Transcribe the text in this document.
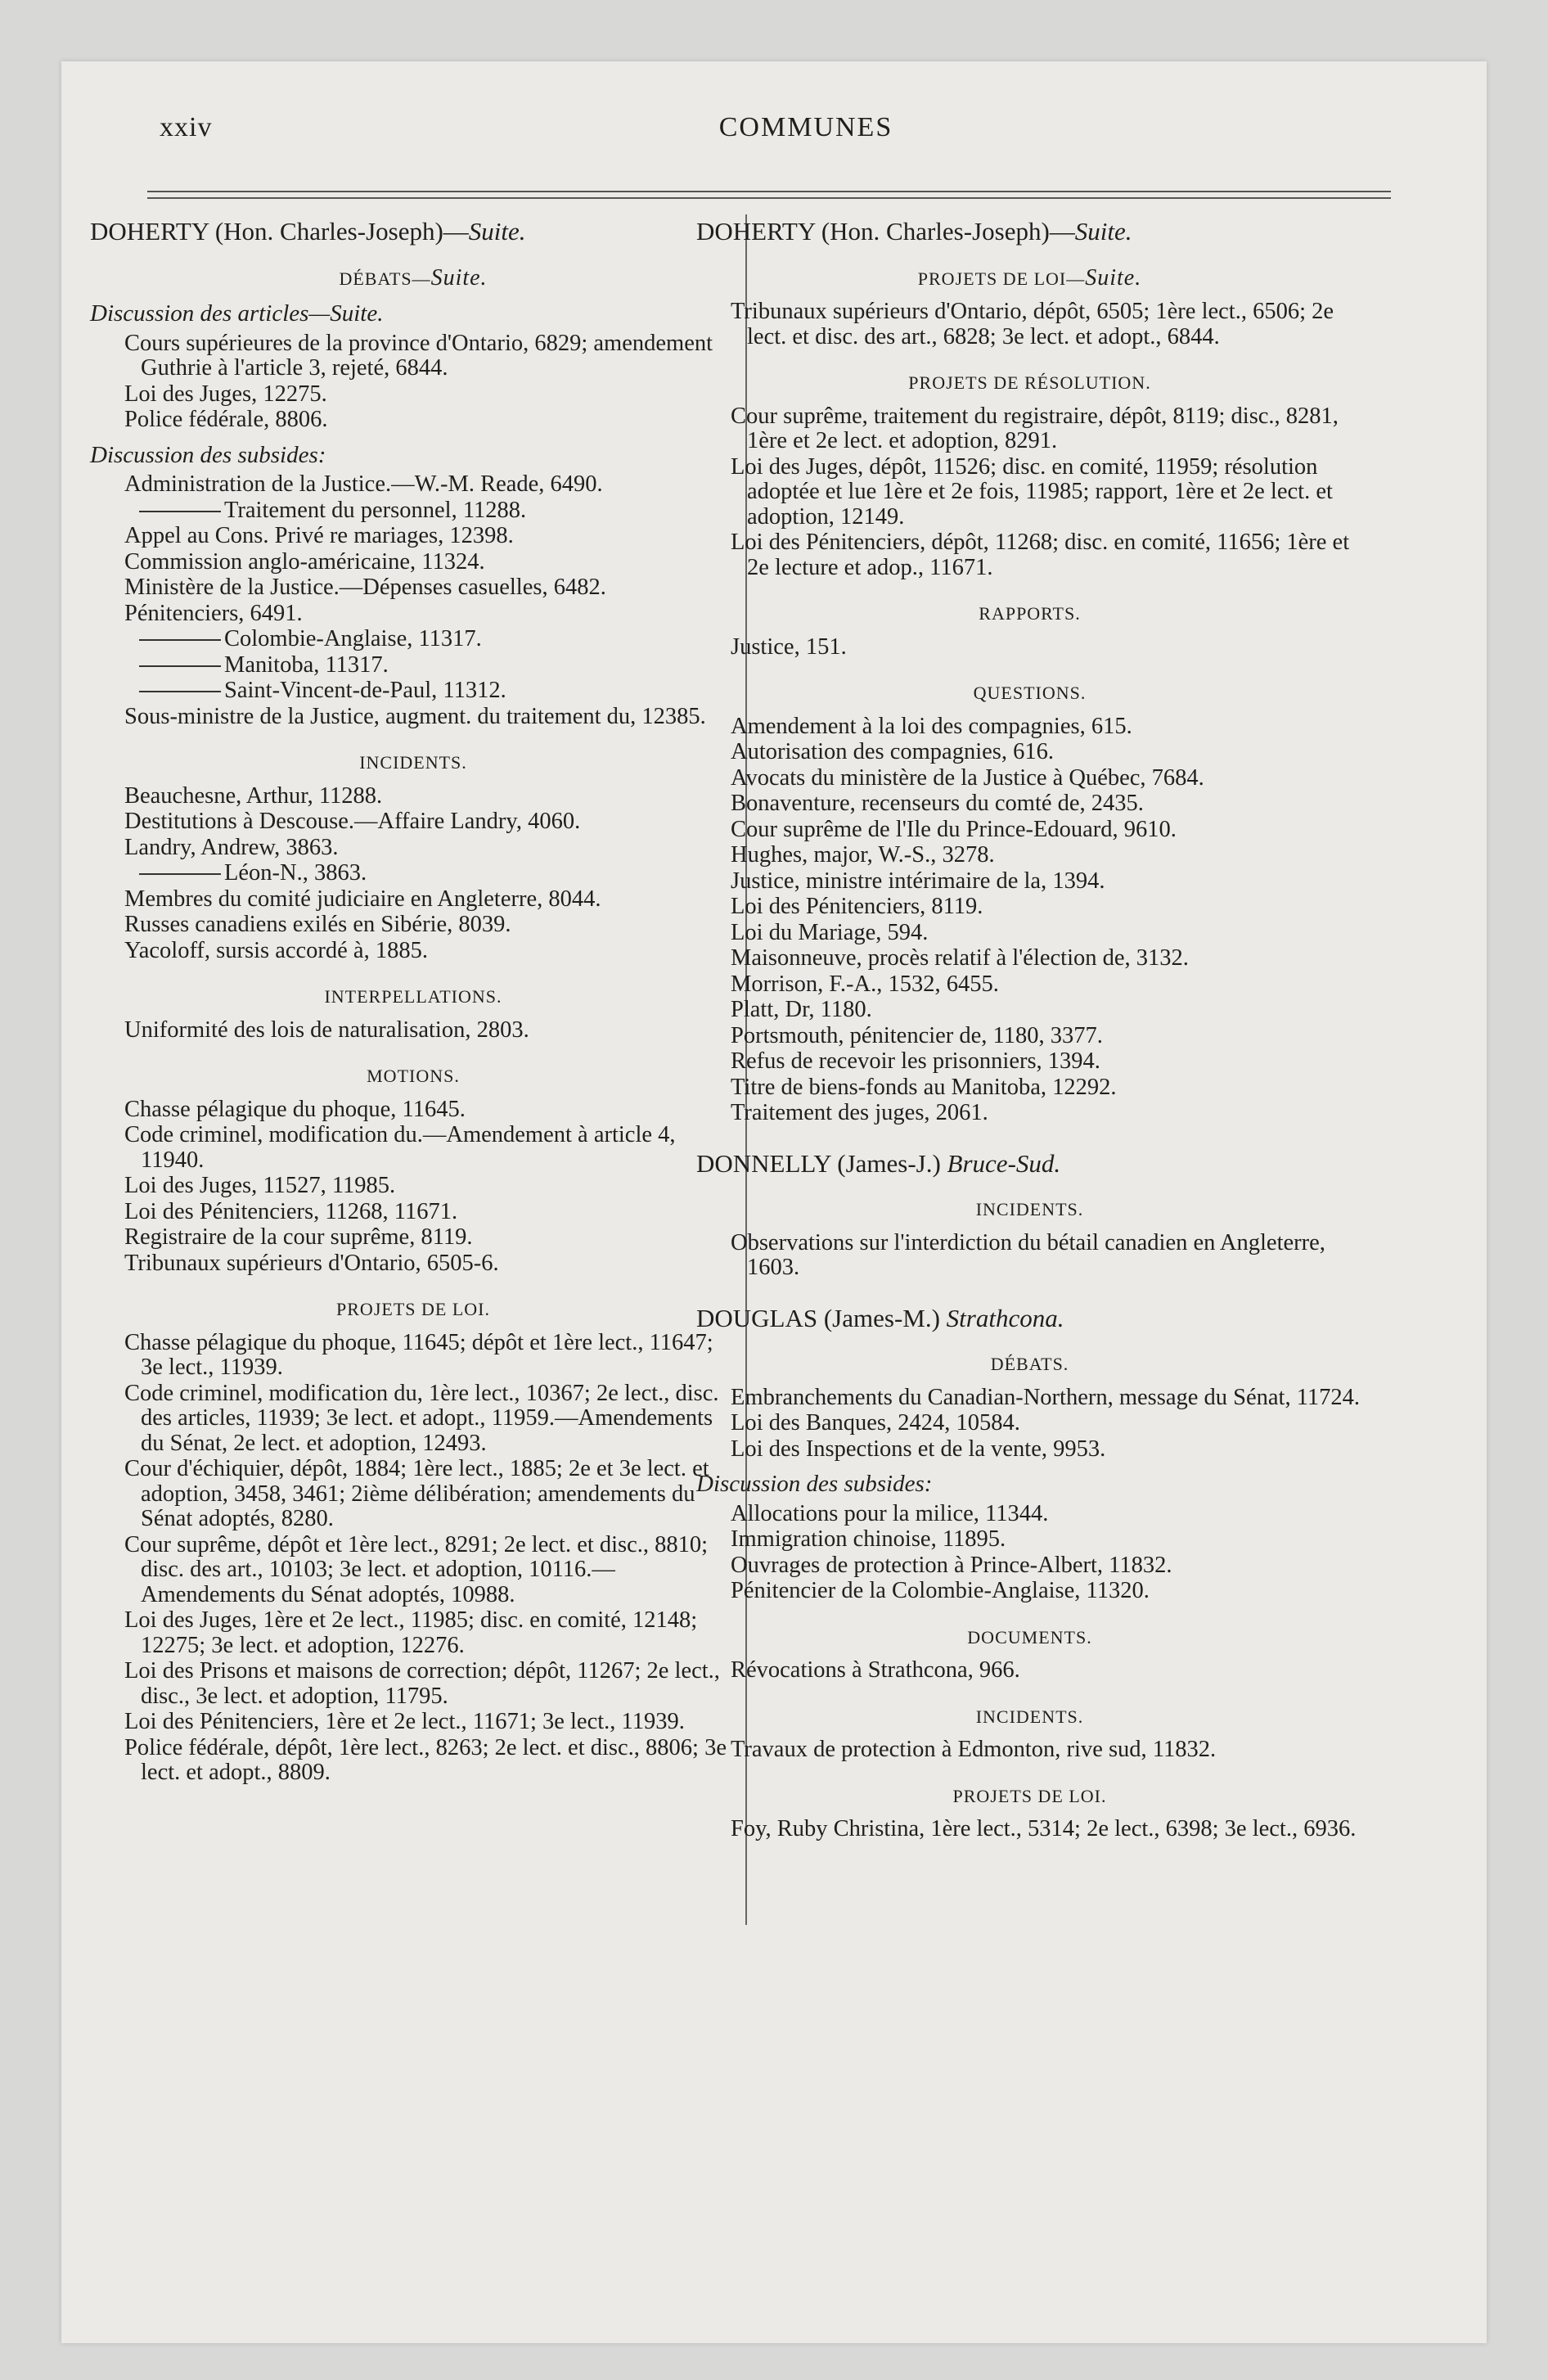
xxiv	COMMUNES

DOHERTY (Hon. Charles-Joseph)—Suite.

DÉBATS—Suite.

Discussion des articles—Suite.

Cours supérieures de la province d'Ontario, 6829; amendement Guthrie à l'article 3, rejeté, 6844.

Loi des Juges, 12275.

Police fédérale, 8806.

Discussion des subsides:

Administration de la Justice.—W.-M. Reade, 6490.

Traitement du personnel, 11288.

Appel au Cons. Privé re mariages, 12398.

Commission anglo-américaine, 11324.

Ministère de la Justice.—Dépenses casuelles, 6482.

Pénitenciers, 6491.

Colombie-Anglaise, 11317.

Manitoba, 11317.

Saint-Vincent-de-Paul, 11312.

Sous-ministre de la Justice, augment. du traitement du, 12385.

INCIDENTS.

Beauchesne, Arthur, 11288.

Destitutions à Descouse.—Affaire Landry, 4060.

Landry, Andrew, 3863.

Léon-N., 3863.

Membres du comité judiciaire en Angleterre, 8044.

Russes canadiens exilés en Sibérie, 8039.

Yacoloff, sursis accordé à, 1885.

INTERPELLATIONS.

Uniformité des lois de naturalisation, 2803.

MOTIONS.

Chasse pélagique du phoque, 11645.

Code criminel, modification du.—Amendement à article 4, 11940.

Loi des Juges, 11527, 11985.

Loi des Pénitenciers, 11268, 11671.

Registraire de la cour suprême, 8119.

Tribunaux supérieurs d'Ontario, 6505-6.

PROJETS DE LOI.

Chasse pélagique du phoque, 11645; dépôt et 1ère lect., 11647; 3e lect., 11939.

Code criminel, modification du, 1ère lect., 10367; 2e lect., disc. des articles, 11939; 3e lect. et adopt., 11959.—Amendements du Sénat, 2e lect. et adoption, 12493.

Cour d'échiquier, dépôt, 1884; 1ère lect., 1885; 2e et 3e lect. et adoption, 3458, 3461; 2ième délibération; amendements du Sénat adoptés, 8280.

Cour suprême, dépôt et 1ère lect., 8291; 2e lect. et disc., 8810; disc. des art., 10103; 3e lect. et adoption, 10116.—Amendements du Sénat adoptés, 10988.

Loi des Juges, 1ère et 2e lect., 11985; disc. en comité, 12148; 12275; 3e lect. et adoption, 12276.

Loi des Prisons et maisons de correction; dépôt, 11267; 2e lect., disc., 3e lect. et adoption, 11795.

Loi des Pénitenciers, 1ère et 2e lect., 11671; 3e lect., 11939.

Police fédérale, dépôt, 1ère lect., 8263; 2e lect. et disc., 8806; 3e lect. et adopt., 8809.

DOHERTY (Hon. Charles-Joseph)—Suite.

PROJETS DE LOI—Suite.

Tribunaux supérieurs d'Ontario, dépôt, 6505; 1ère lect., 6506; 2e lect. et disc. des art., 6828; 3e lect. et adopt., 6844.

PROJETS DE RÉSOLUTION.

Cour suprême, traitement du registraire, dépôt, 8119; disc., 8281, 1ère et 2e lect. et adoption, 8291.

Loi des Juges, dépôt, 11526; disc. en comité, 11959; résolution adoptée et lue 1ère et 2e fois, 11985; rapport, 1ère et 2e lect. et adoption, 12149.

Loi des Pénitenciers, dépôt, 11268; disc. en comité, 11656; 1ère et 2e lecture et adop., 11671.

RAPPORTS.

Justice, 151.

QUESTIONS.

Amendement à la loi des compagnies, 615.

Autorisation des compagnies, 616.

Avocats du ministère de la Justice à Québec, 7684.

Bonaventure, recenseurs du comté de, 2435.

Cour suprême de l'Ile du Prince-Edouard, 9610.

Hughes, major, W.-S., 3278.

Justice, ministre intérimaire de la, 1394.

Loi des Pénitenciers, 8119.

Loi du Mariage, 594.

Maisonneuve, procès relatif à l'élection de, 3132.

Morrison, F.-A., 1532, 6455.

Platt, Dr, 1180.

Portsmouth, pénitencier de, 1180, 3377.

Refus de recevoir les prisonniers, 1394.

Titre de biens-fonds au Manitoba, 12292.

Traitement des juges, 2061.

DONNELLY (James-J.) Bruce-Sud.

INCIDENTS.

Observations sur l'interdiction du bétail canadien en Angleterre, 1603.

DOUGLAS (James-M.) Strathcona.

DÉBATS.

Embranchements du Canadian-Northern, message du Sénat, 11724.

Loi des Banques, 2424, 10584.

Loi des Inspections et de la vente, 9953.

Discussion des subsides:

Allocations pour la milice, 11344.

Immigration chinoise, 11895.

Ouvrages de protection à Prince-Albert, 11832.

Pénitencier de la Colombie-Anglaise, 11320.

DOCUMENTS.

Révocations à Strathcona, 966.

INCIDENTS.

Travaux de protection à Edmonton, rive sud, 11832.

PROJETS DE LOI.

Foy, Ruby Christina, 1ère lect., 5314; 2e lect., 6398; 3e lect., 6936.
